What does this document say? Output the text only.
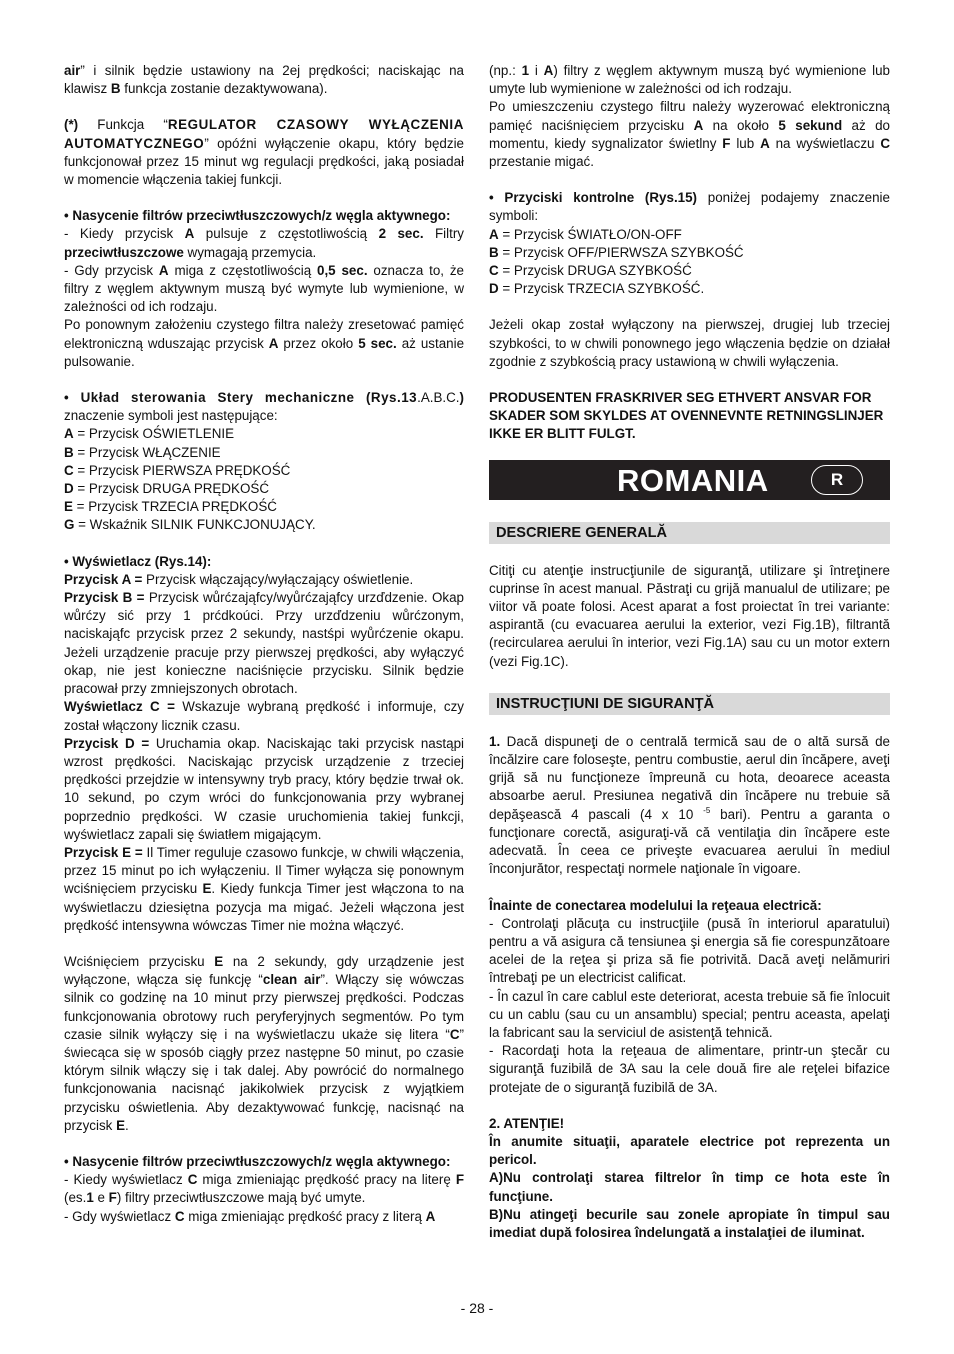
air” i silnik będzie ustawiony na 2ej prędkości; naciskając na klawisz B funkcja zostanie dezaktywowana).

(*) Funkcja “REGULATOR CZASOWY WYŁĄCZENIA AUTOMATYCZNEGO” opóźni wyłączenie okapu, który będzie funkcjonował przez 15 minut wg regulacji prędkości, jaką posiadał w momencie włączenia takiej funkcji.

• Nasycenie filtrów przeciwtłuszczowych/z węgla aktywnego:

- Kiedy przycisk A pulsuje z częstotliwością 2 sec. Filtry przeciwtłuszczowe wymagają przemycia.

- Gdy przycisk A miga z częstotliwością 0,5 sec. oznacza to, że filtry z węglem aktywnym muszą być wymyte lub wymienione, w zależności od ich rodzaju.

Po ponownym założeniu czystego filtra należy zresetować pamięć elektroniczną wduszając przycisk A przez około 5 sec. aż ustanie pulsowanie.

• Układ sterowania Stery mechaniczne (Rys.13.A.B.C.) znaczenie symboli jest następujące:

A = Przycisk OŚWIETLENIE
B = Przycisk WŁĄCZENIE
C = Przycisk PIERWSZA PRĘDKOŚĆ
D = Przycisk DRUGA PRĘDKOŚĆ
E = Przycisk TRZECIA PRĘDKOŚĆ
G = Wskaźnik SILNIK FUNKCJONUJĄCY.

• Wyświetlacz (Rys.14):

Przycisk A = Przycisk włączający/wyłączający oświetlenie.

Przycisk B = Przycisk wůrćzająfcy/wyůrćzająfcy urzďdzenie. Okap wůrćzy sić przy 1 prćdkoúci. Przy urzďdzeniu wůrćzonym, naciskająfc przycisk przez 2 sekundy, nastśpi wyůrćzenie okapu. Jeżeli urządzenie pracuje przy pierwszej prędkości, aby wyłączyć okap, nie jest konieczne naciśnięcie przycisku. Silnik będzie pracował przy zmniejszonych obrotach.

Wyświetlacz C = Wskazuje wybraną prędkość i informuje, czy został włączony licznik czasu.

Przycisk D = Uruchamia okap. Naciskając taki przycisk nastąpi wzrost prędkości. Naciskając przycisk urządzenie z trzeciej prędkości przejdzie w intensywny tryb pracy, który będzie trwał ok. 10 sekund, po czym wróci do funkcjonowania przy wybranej poprzednio prędkości. W czasie uruchomienia takiej funkcji, wyświetlacz zapali się światłem migającym.

Przycisk E = Il Timer reguluje czasowo funkcje, w chwili włączenia, przez 15 minut po ich wyłączeniu. Il Timer wyłącza się ponownym wciśnięciem przycisku E. Kiedy funkcja Timer jest włączona to na wyświetlaczu dziesiętna pozycja ma migać. Jeżeli włączona jest prędkość intensywna wówczas Timer nie można włączyć.

Wciśnięciem przycisku E na 2 sekundy, gdy urządzenie jest wyłączone, włącza się funkcję “clean air”. Włączy się wówczas silnik co godzinę na 10 minut przy pierwszej prędkości. Podczas funkcjonowania obrotowy ruch peryferyjnych segmentów. Po tym czasie silnik wyłączy się i na wyświetlaczu ukaże się litera “C” świecąca się w sposób ciągły przez następne 50 minut, po czasie którym silnik włączy się i tak dalej. Aby powrócić do normalnego funkcjonowania nacisnąć jakikolwiek przycisk z wyjątkiem przycisku oświetlenia. Aby dezaktywować funkcję, nacisnąć na przycisk E.

• Nasycenie filtrów przeciwtłuszczowych/z węgla aktywnego:

- Kiedy wyświetlacz C miga zmieniając prędkość pracy na literę F (es.1 e F) filtry przeciwtłuszczowe mają być umyte.

- Gdy wyświetlacz C miga zmieniając prędkość pracy z literą A

(np.: 1 i A) filtry z węglem aktywnym muszą być wymienione lub umyte lub wymienione w zależności od ich rodzaju.

Po umieszczeniu czystego filtru należy wyzerować elektroniczną pamięć naciśnięciem przycisku A na około 5 sekund aż do momentu, kiedy sygnalizator świetlny F lub A na wyświetlaczu C przestanie migać.

• Przyciski kontrolne (Rys.15) poniżej podajemy znaczenie symboli:

A = Przycisk ŚWIATŁO/ON-OFF
B = Przycisk OFF/PIERWSZA SZYBKOŚĆ
C = Przycisk DRUGA SZYBKOŚĆ
D = Przycisk TRZECIA SZYBKOŚĆ.

Jeżeli okap został wyłączony na pierwszej, drugiej lub trzeciej szybkości, to w chwili ponownego jego włączenia będzie on działał zgodnie z szybkością pracy ustawioną w chwili wyłączenia.

PRODUSENTEN FRASKRIVER SEG ETHVERT ANSVAR FOR SKADER SOM SKYLDES AT OVENNEVNTE RETNINGSLINJER IKKE ER BLITT FULGT.

ROMANIA	R
DESCRIERE GENERALĂ

Citiţi cu atenţie instrucţiunile de siguranţă, utilizare şi întreţinere cuprinse în acest manual. Păstraţi cu grijă manualul de utilizare; pe viitor vă poate folosi. Acest aparat a fost proiectat în trei variante: aspirantă (cu evacuarea aerului la exterior, vezi Fig.1B), filtrantă (recircularea aerului în interior, vezi Fig.1A) sau cu un motor extern (vezi Fig.1C).

INSTRUCŢIUNI DE SIGURANŢĂ

1. Dacă dispuneţi de o centrală termică sau de o altă sursă de încălzire care foloseşte, pentru combustie, aerul din încăpere, aveţi grijă să nu funcţioneze împreună cu hota, deoarece aceasta absoarbe aerul. Presiunea negativă din încăpere nu trebuie să depăşească 4 pascali (4 x 10 $^{-5}$ bari). Pentru a garanta o funcţionare corectă, asiguraţi-vă că ventilaţia din încăpere este adecvată. În ceea ce priveşte evacuarea aerului în mediul înconjurător, respectaţi normele naţionale în vigoare.

Înainte de conectarea modelului la reţeaua electrică:

- Controlaţi plăcuţa cu instrucţiile (pusă în interiorul aparatului) pentru a vă asigura că tensiunea şi energia să fie corespunzătoare acelei de la reţea şi priza să fie potrivită. Dacă aveţi nelămuriri întrebaţi pe un electricist calificat.

- În cazul în care cablul este deteriorat, acesta trebuie să fie înlocuit cu un cablu (sau cu un ansamblu) special; pentru aceasta, apelaţi la fabricant sau la serviciul de asistenţă tehnică.

- Racordaţi hota la reţeaua de alimentare, printr-un ştecăr cu siguranţă fuzibilă de 3A sau la cele două fire ale reţelei bifazice protejate de o siguranţă fuzibilă de 3A.

2. ATENŢIE!

În anumite situaţii, aparatele electrice pot reprezenta un pericol.

A)Nu controlaţi starea filtrelor în timp ce hota este în funcţiune.

B)Nu atingeţi becurile sau zonele apropiate în timpul sau imediat după folosirea îndelungată a instalaţiei de iluminat.

- 28 -
